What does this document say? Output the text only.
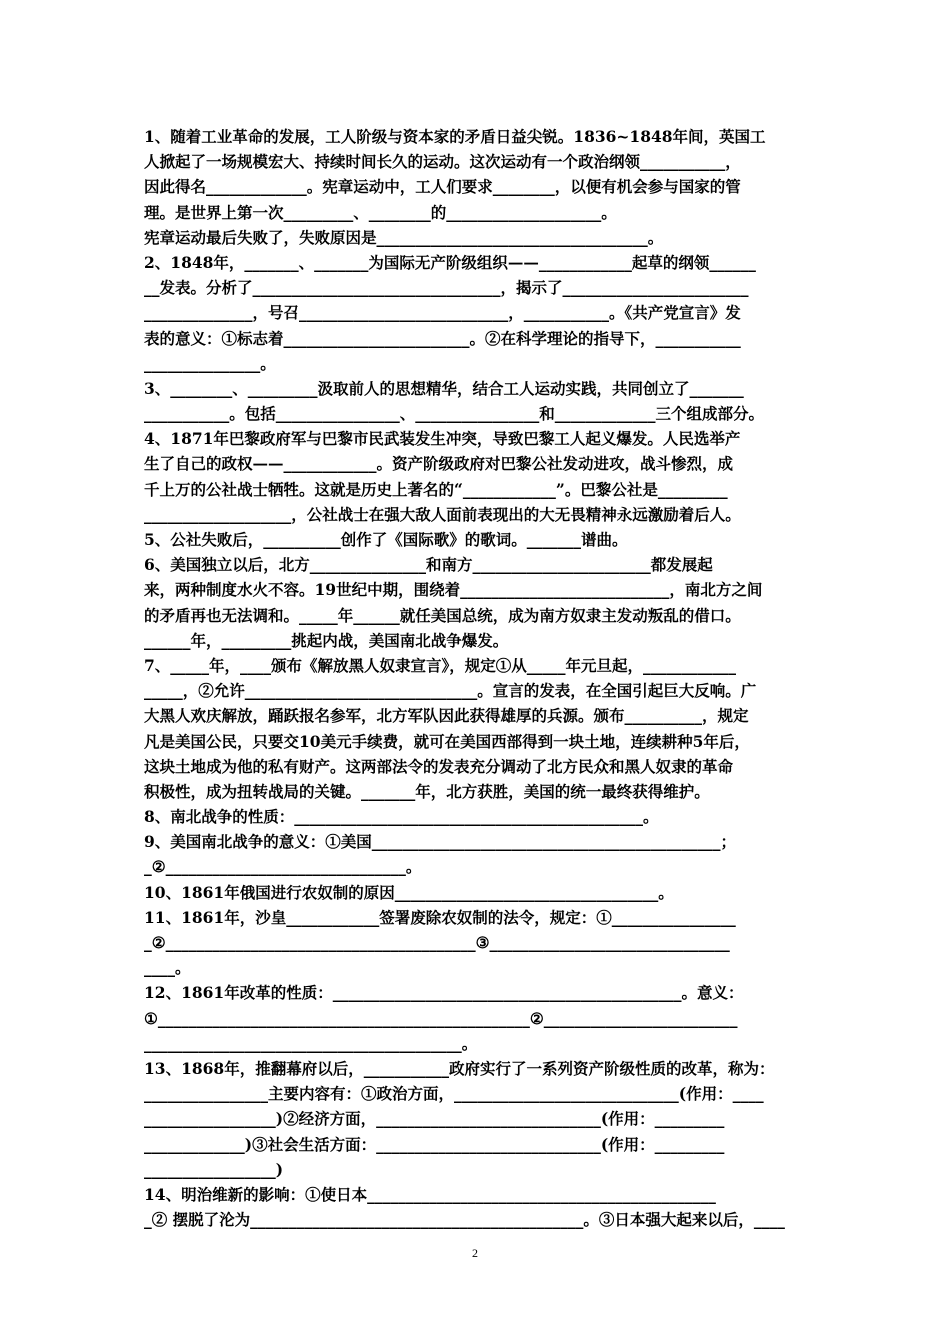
1、随着工业革命的发展，工人阶级与资本家的矛盾日益尖锐。1836~1848年间，英国工
人掀起了一场规模宏大、持续时间长久的运动。这次运动有一个政治纲领___________，
因此得名_____________。宪章运动中，工人们要求________，以便有机会参与国家的管
理。是世界上第一次_________、________的____________________。
宪章运动最后失败了，失败原因是___________________________________。
2、1848年，_______、_______为国际无产阶级组织——____________起草的纲领______
__发表。分析了________________________________，揭示了________________________
______________，号召___________________________，___________。《共产党宣言》发
表的意义：①标志着________________________。②在科学理论的指导下，___________
_______________。
3、________、_________汲取前人的思想精华，结合工人运动实践，共同创立了_______
___________。包括________________、________________和_____________三个组成部分。
4、1871年巴黎政府军与巴黎市民武装发生冲突，导致巴黎工人起义爆发。人民选举产
生了自己的政权——____________。资产阶级政府对巴黎公社发动进攻，战斗惨烈，成
千上万的公社战士牺牲。这就是历史上著名的“____________”。巴黎公社是_________
___________________，公社战士在强大敌人面前表现出的大无畏精神永远激励着后人。
5、公社失败后，__________创作了《国际歌》的歌词。_______谱曲。
6、美国独立以后，北方_______________和南方_______________________都发展起
来，两种制度水火不容。19世纪中期，围绕着___________________________，南北方之间
的矛盾再也无法调和。_____年______就任美国总统，成为南方奴隶主发动叛乱的借口。
______年，_________挑起内战，美国南北战争爆发。
7、_____年，____颁布《解放黑人奴隶宣言》，规定①从_____年元旦起，____________
_____，②允许______________________________。宣言的发表，在全国引起巨大反响。广
大黑人欢庆解放，踊跃报名参军，北方军队因此获得雄厚的兵源。颁布__________，规定
凡是美国公民，只要交10美元手续费，就可在美国西部得到一块土地，连续耕种5年后，
这块土地成为他的私有财产。这两部法令的发表充分调动了北方民众和黑人奴隶的革命
积极性，成为扭转战局的关键。_______年，北方获胜，美国的统一最终获得维护。
8、南北战争的性质：_____________________________________________。
9、美国南北战争的意义：①美国_____________________________________________；
_②_______________________________。
10、1861年俄国进行农奴制的原因__________________________________。
11、1861年，沙皇____________签署废除农奴制的法令，规定：①________________
_②________________________________________③_______________________________
____。
12、1861年改革的性质：_____________________________________________。意义：
①________________________________________________②_________________________
_________________________________________。
13、1868年，推翻幕府以后，___________政府实行了一系列资产阶级性质的改革，称为：
________________主要内容有：①政治方面，_____________________________(作用：____
_________________)②经济方面，_____________________________(作用：_________
_____________)③社会生活方面：_____________________________(作用：_________
_________________)
14、明治维新的影响：①使日本_____________________________________________
_② 摆脱了沦为___________________________________________。③日本强大起来以后，____
2
